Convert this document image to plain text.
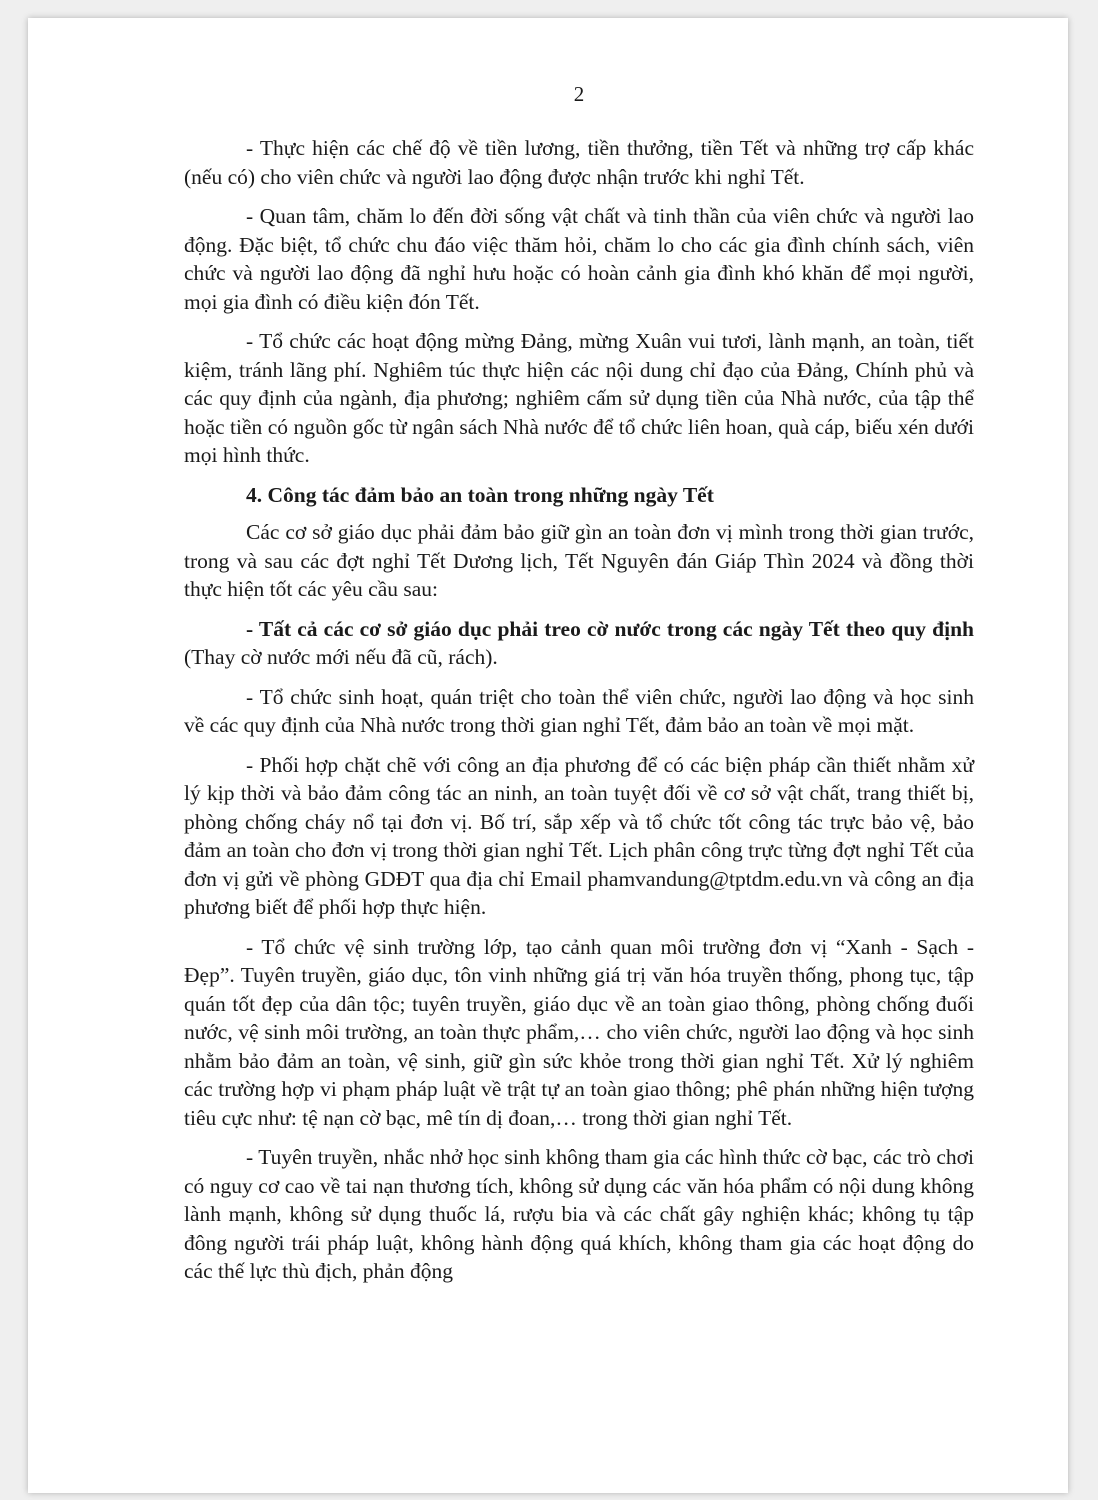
2

- Thực hiện các chế độ về tiền lương, tiền thưởng, tiền Tết và những trợ cấp khác (nếu có) cho viên chức và người lao động được nhận trước khi nghỉ Tết.

- Quan tâm, chăm lo đến đời sống vật chất và tinh thần của viên chức và người lao động. Đặc biệt, tổ chức chu đáo việc thăm hỏi, chăm lo cho các gia đình chính sách, viên chức và người lao động đã nghỉ hưu hoặc có hoàn cảnh gia đình khó khăn để mọi người, mọi gia đình có điều kiện đón Tết.

- Tổ chức các hoạt động mừng Đảng, mừng Xuân vui tươi, lành mạnh, an toàn, tiết kiệm, tránh lãng phí. Nghiêm túc thực hiện các nội dung chỉ đạo của Đảng, Chính phủ và các quy định của ngành, địa phương; nghiêm cấm sử dụng tiền của Nhà nước, của tập thể hoặc tiền có nguồn gốc từ ngân sách Nhà nước để tổ chức liên hoan, quà cáp, biếu xén dưới mọi hình thức.

4. Công tác đảm bảo an toàn trong những ngày Tết

Các cơ sở giáo dục phải đảm bảo giữ gìn an toàn đơn vị mình trong thời gian trước, trong và sau các đợt nghỉ Tết Dương lịch, Tết Nguyên đán Giáp Thìn 2024 và đồng thời thực hiện tốt các yêu cầu sau:

- Tất cả các cơ sở giáo dục phải treo cờ nước trong các ngày Tết theo quy định (Thay cờ nước mới nếu đã cũ, rách).

- Tổ chức sinh hoạt, quán triệt cho toàn thể viên chức, người lao động và học sinh về các quy định của Nhà nước trong thời gian nghỉ Tết, đảm bảo an toàn về mọi mặt.

- Phối hợp chặt chẽ với công an địa phương để có các biện pháp cần thiết nhằm xử lý kịp thời và bảo đảm công tác an ninh, an toàn tuyệt đối về cơ sở vật chất, trang thiết bị, phòng chống cháy nổ tại đơn vị. Bố trí, sắp xếp và tổ chức tốt công tác trực bảo vệ, bảo đảm an toàn cho đơn vị trong thời gian nghỉ Tết. Lịch phân công trực từng đợt nghỉ Tết của đơn vị gửi về phòng GDĐT qua địa chỉ Email phamvandung@tptdm.edu.vn và công an địa phương biết để phối hợp thực hiện.

- Tổ chức vệ sinh trường lớp, tạo cảnh quan môi trường đơn vị “Xanh - Sạch - Đẹp”. Tuyên truyền, giáo dục, tôn vinh những giá trị văn hóa truyền thống, phong tục, tập quán tốt đẹp của dân tộc; tuyên truyền, giáo dục về an toàn giao thông, phòng chống đuối nước, vệ sinh môi trường, an toàn thực phẩm,… cho viên chức, người lao động và học sinh nhằm bảo đảm an toàn, vệ sinh, giữ gìn sức khỏe trong thời gian nghỉ Tết. Xử lý nghiêm các trường hợp vi phạm pháp luật về trật tự an toàn giao thông; phê phán những hiện tượng tiêu cực như: tệ nạn cờ bạc, mê tín dị đoan,… trong thời gian nghỉ Tết.

- Tuyên truyền, nhắc nhở học sinh không tham gia các hình thức cờ bạc, các trò chơi có nguy cơ cao về tai nạn thương tích, không sử dụng các văn hóa phẩm có nội dung không lành mạnh, không sử dụng thuốc lá, rượu bia và các chất gây nghiện khác; không tụ tập đông người trái pháp luật, không hành động quá khích, không tham gia các hoạt động do các thế lực thù địch, phản động
